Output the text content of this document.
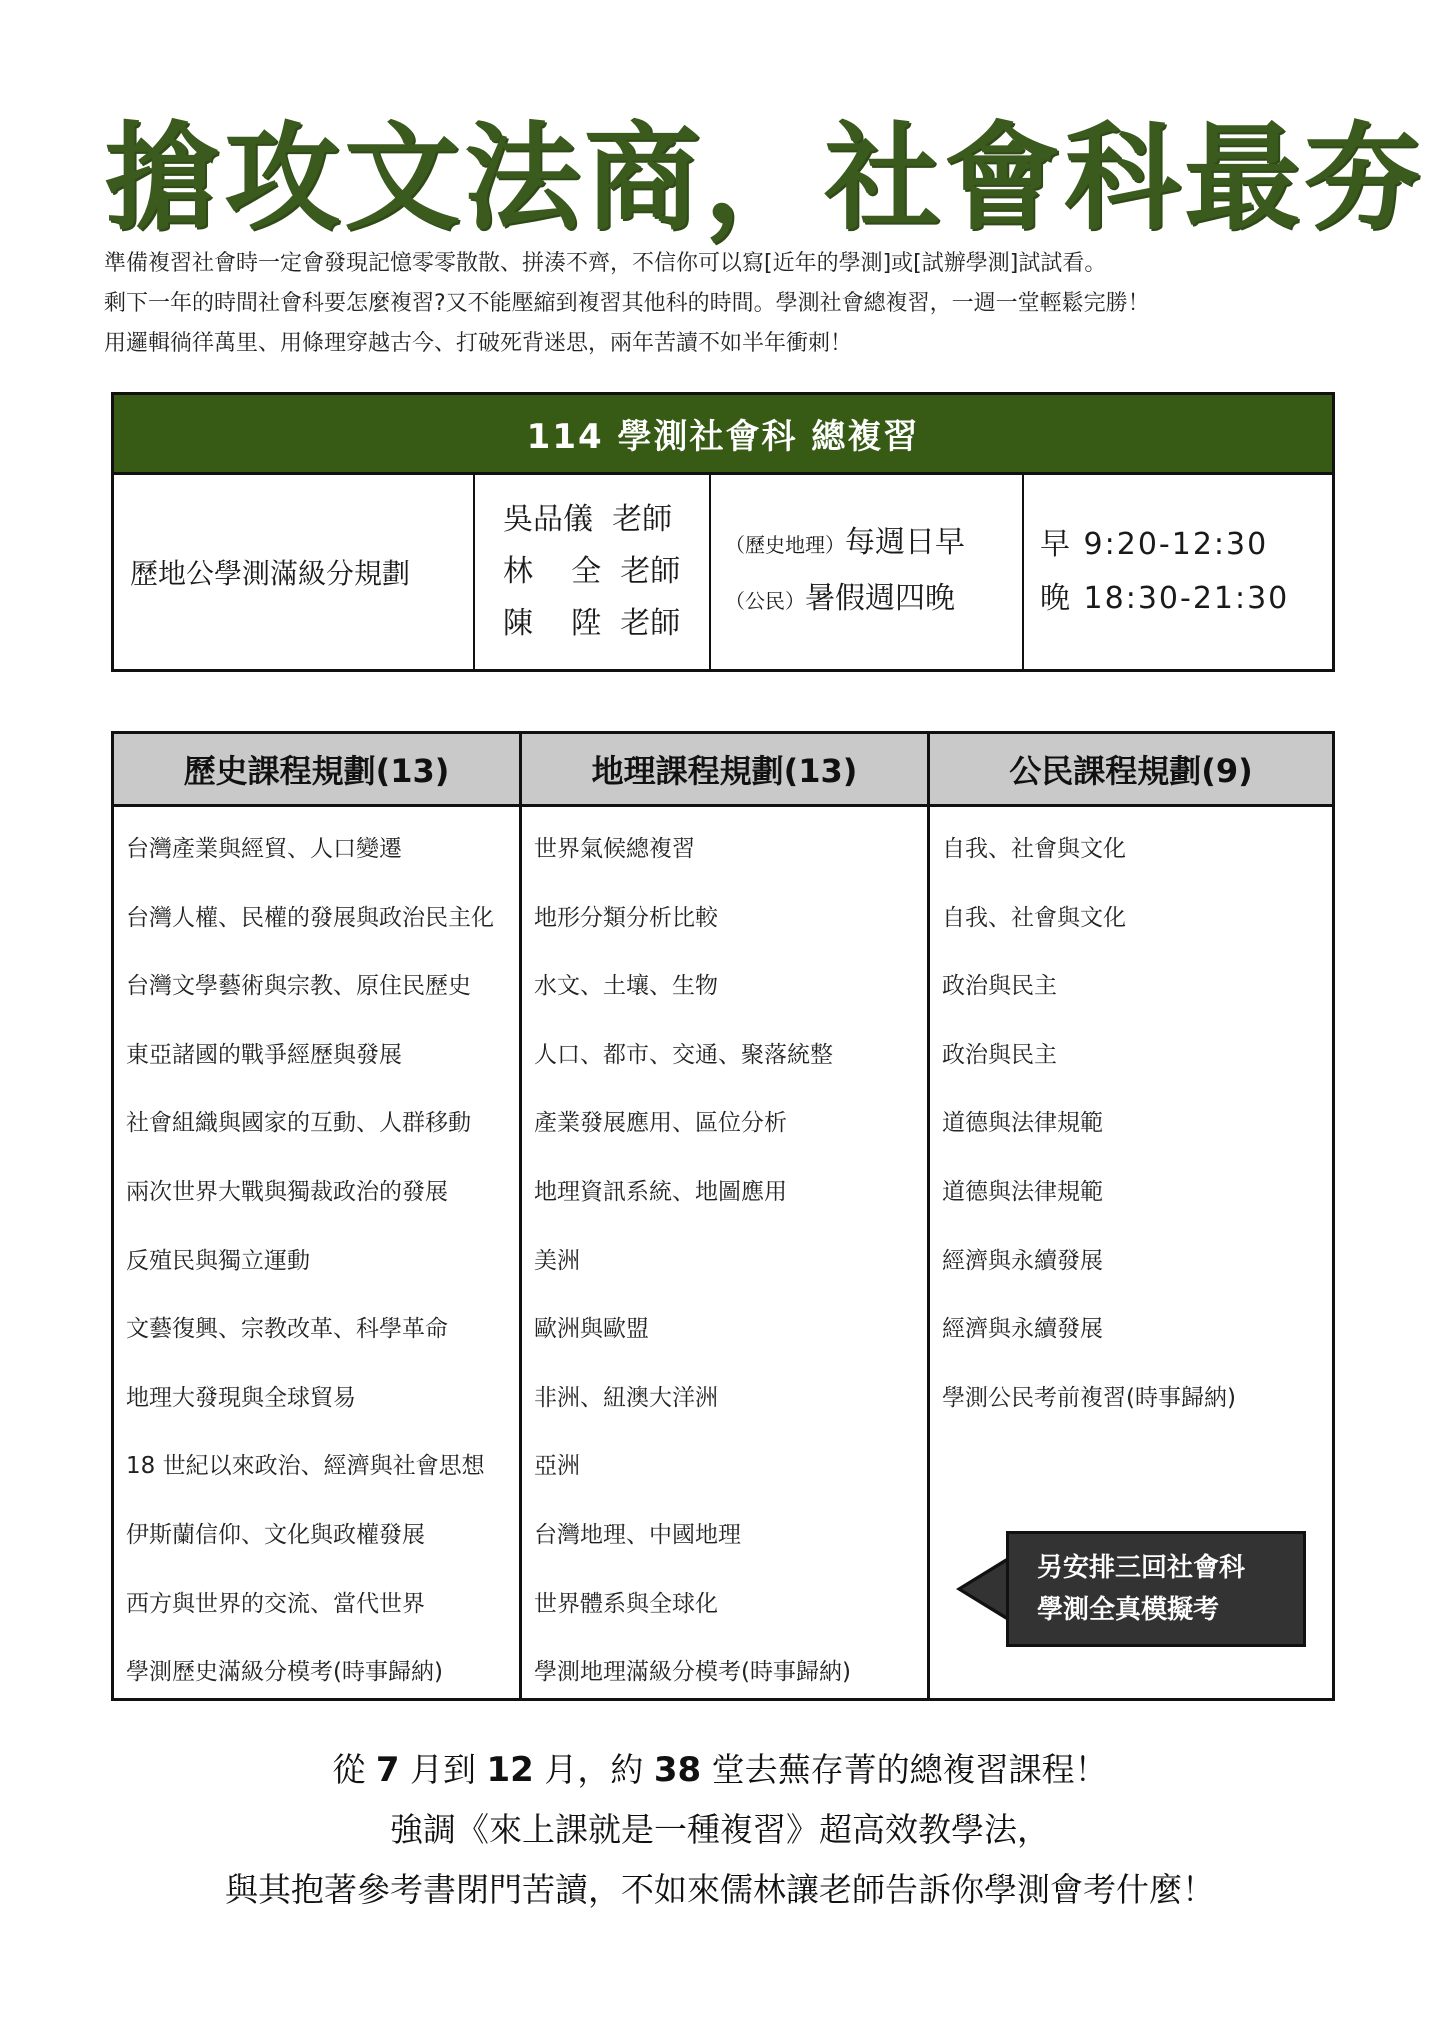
搶攻文法商，社會科最夯
準備複習社會時一定會發現記憶零零散散、拼湊不齊，不信你可以寫[近年的學測]或[試辦學測]試試看。
剩下一年的時間社會科要怎麼複習?又不能壓縮到複習其他科的時間。學測社會總複習，一週一堂輕鬆完勝！
用邏輯徜徉萬里、用條理穿越古今、打破死背迷思，兩年苦讀不如半年衝刺！
114 學測社會科 總複習
歷地公學測滿級分規劃
吳品儀  老師
林    全  老師
陳    陞  老師
（歷史地理）每週日早
（公民）暑假週四晚
早 9:20-12:30
晚 18:30-21:30
歷史課程規劃(13)
台灣產業與經貿、人口變遷
台灣人權、民權的發展與政治民主化
台灣文學藝術與宗教、原住民歷史
東亞諸國的戰爭經歷與發展
社會組織與國家的互動、人群移動
兩次世界大戰與獨裁政治的發展
反殖民與獨立運動
文藝復興、宗教改革、科學革命
地理大發現與全球貿易
18 世紀以來政治、經濟與社會思想
伊斯蘭信仰、文化與政權發展
西方與世界的交流、當代世界
學測歷史滿級分模考(時事歸納)
地理課程規劃(13)
世界氣候總複習
地形分類分析比較
水文、土壤、生物
人口、都市、交通、聚落統整
產業發展應用、區位分析
地理資訊系統、地圖應用
美洲
歐洲與歐盟
非洲、紐澳大洋洲
亞洲
台灣地理、中國地理
世界體系與全球化
學測地理滿級分模考(時事歸納)
公民課程規劃(9)
自我、社會與文化
自我、社會與文化
政治與民主
政治與民主
道德與法律規範
道德與法律規範
經濟與永續發展
經濟與永續發展
學測公民考前複習(時事歸納)
另安排三回社會科
學測全真模擬考
從 7 月到 12 月，約 38 堂去蕪存菁的總複習課程！
強調《來上課就是一種複習》超高效教學法，
與其抱著參考書閉門苦讀，不如來儒林讓老師告訴你學測會考什麼！
